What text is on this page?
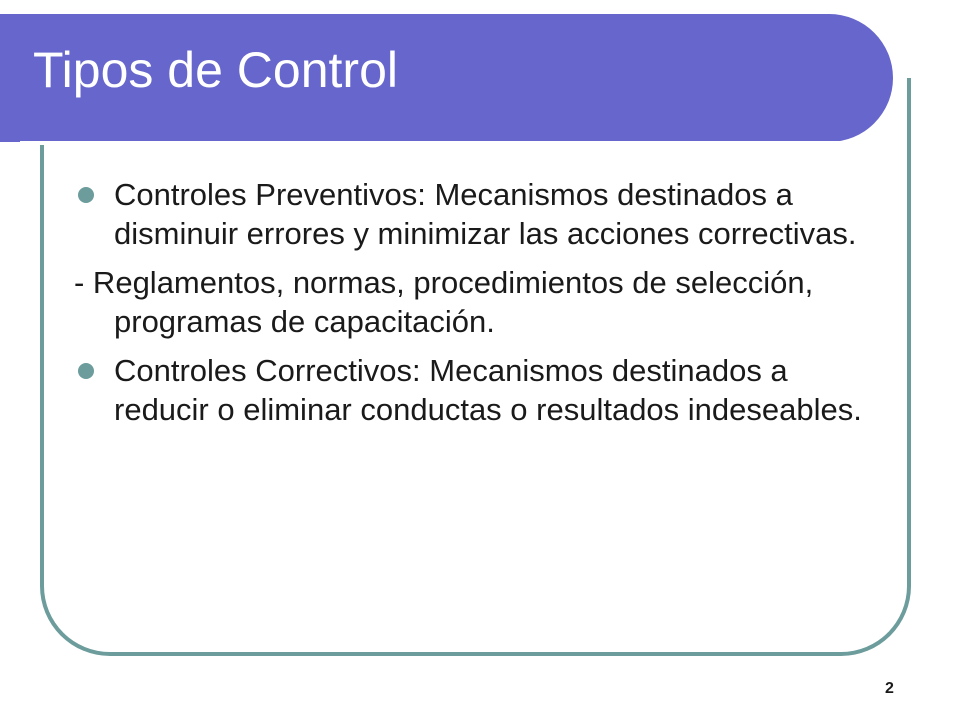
Tipos de Control
Controles Preventivos: Mecanismos destinados a disminuir errores y minimizar las acciones correctivas.
- Reglamentos, normas, procedimientos de selección, programas de capacitación.
Controles Correctivos: Mecanismos destinados a reducir o eliminar conductas o resultados indeseables.
2
